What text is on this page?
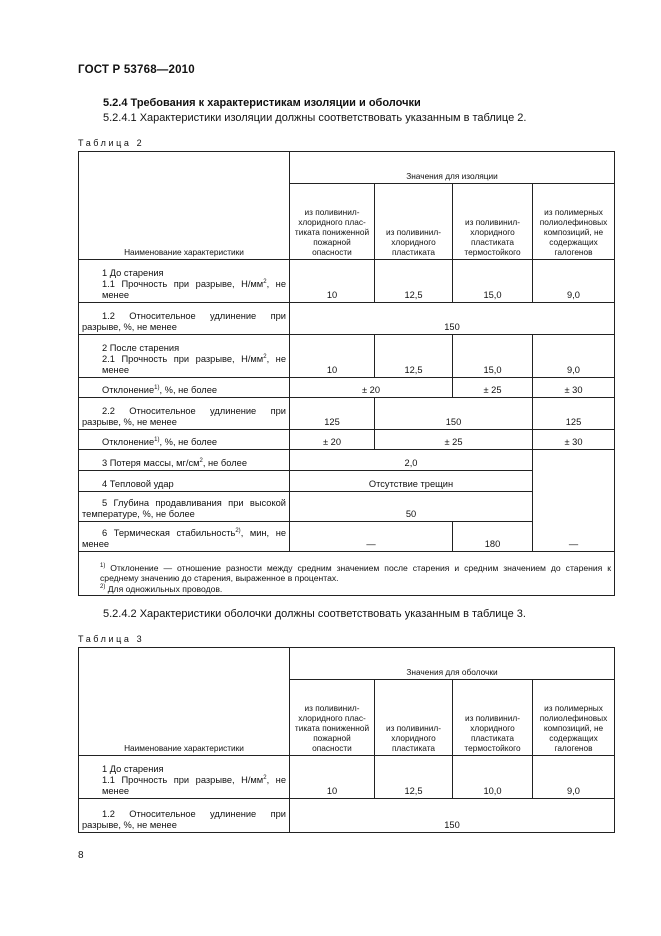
ГОСТ Р 53768—2010
5.2.4 Требования к характеристикам изоляции и оболочки
5.2.4.1 Характеристики изоляции должны соответствовать указанным в таблице 2.
Таблица 2
Наименование характеристики	Значения для изоляции			
	из поливинил- хлоридного плас- тиката пониженной пожарной опасности	из поливинил- хлоридного пластиката	из поливинил- хлоридного пластиката термостойкого	из полимерных полиолефиновых композиций, не содержащих галогенов

1 До старения
1.1 Прочность при разрыве, $Н/мм^2$, не менее	10	12,5	15,0	9,0
1.2 Относительное удлинение при разрыве, %, не менее	150			

2 После старения
2.1 Прочность при разрыве, $Н/мм^2$, не менее	10	12,5	15,0	9,0
Отклонение$^{1)}$, %, не более	± 20		± 25	± 30
2.2 Относительное удлинение при разрыве, %, не менее	125	150		125
Отклонение$^{1)}$, %, не более	± 20	± 25		± 30
3 Потеря массы, $мг/см^2$, не более	2,0			—
4 Тепловой удар	Отсутствие трещин			
5 Глубина продавливания при высокой температуре, %, не более	50			
6 Термическая стабильность$^{2)}$, мин, не менее	—		180	

$^{1)}$ Отклонение — отношение разности между средним значением после старения и средним значением до старения к среднему значению до старения, выраженное в процентах.
$^{2)}$ Для одножильных проводов.				
5.2.4.2 Характеристики оболочки должны соответствовать указанным в таблице 3.
Таблица 3
Наименование характеристики	Значения для оболочки			
	из поливинил- хлоридного плас- тиката пониженной пожарной опасности	из поливинил- хлоридного пластиката	из поливинил- хлоридного пластиката термостойкого	из полимерных полиолефиновых композиций, не содержащих галогенов

1 До старения
1.1 Прочность при разрыве, $Н/мм^2$, не менее	10	12,5	10,0	9,0
1.2 Относительное удлинение при разрыве, %, не менее	150			
8
